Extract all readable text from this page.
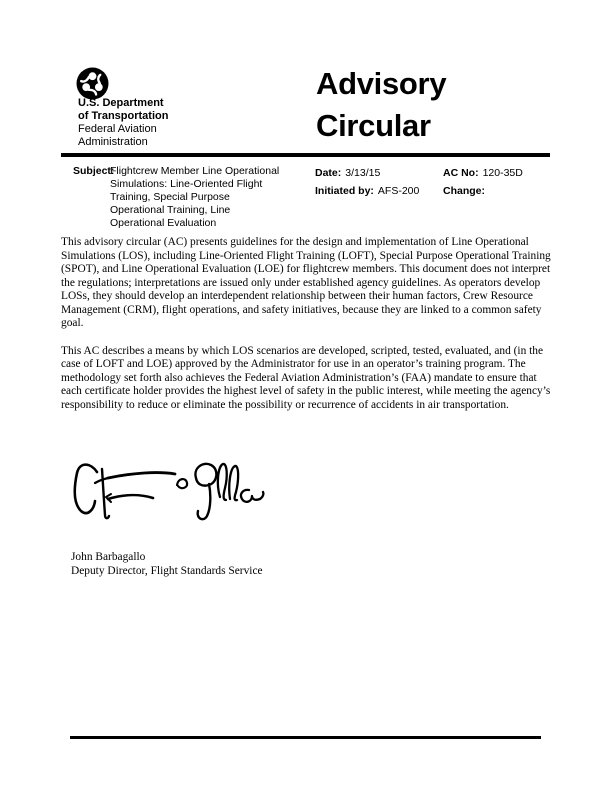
U.S. Department
of Transportation
Federal Aviation
Administration
Advisory
Circular
Subject:
Flightcrew Member Line Operational
Simulations: Line-Oriented Flight
Training, Special Purpose
Operational Training, Line
Operational Evaluation
Date: 3/13/15
Initiated by: AFS-200
AC No: 120-35D
Change:

This advisory circular (AC) presents guidelines for the design and implementation of Line Operational Simulations (LOS), including Line-Oriented Flight Training (LOFT), Special Purpose Operational Training (SPOT), and Line Operational Evaluation (LOE) for flightcrew members. This document does not interpret the regulations; interpretations are issued only under established agency guidelines. As operators develop LOSs, they should develop an interdependent relationship between their human factors, Crew Resource Management (CRM), flight operations, and safety initiatives, because they are linked to a common safety goal.

This AC describes a means by which LOS scenarios are developed, scripted, tested, evaluated, and (in the case of LOFT and LOE) approved by the Administrator for use in an operator’s training program. The methodology set forth also achieves the Federal Aviation Administration’s (FAA) mandate to ensure that each certificate holder provides the highest level of safety in the public interest, while meeting the agency’s responsibility to reduce or eliminate the possibility or recurrence of accidents in air transportation.

John Barbagallo
Deputy Director, Flight Standards Service
